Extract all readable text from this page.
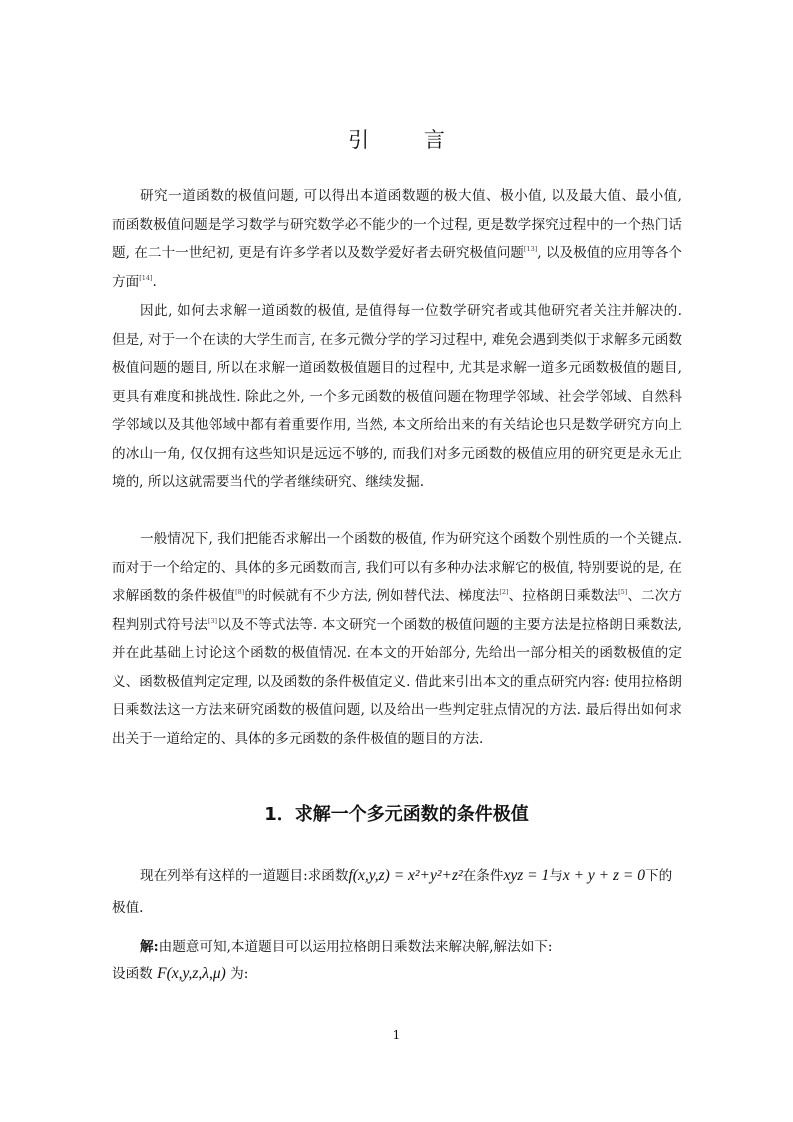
引 言

研究一道函数的极值问题, 可以得出本道函数题的极大值、极小值, 以及最大值、最小值, 而函数极值问题是学习数学与研究数学必不能少的一个过程, 更是数学探究过程中的一个热门话题, 在二十一世纪初, 更是有许多学者以及数学爱好者去研究极值问题[13], 以及极值的应用等各个方面[14].

因此, 如何去求解一道函数的极值, 是值得每一位数学研究者或其他研究者关注并解决的. 但是, 对于一个在读的大学生而言, 在多元微分学的学习过程中, 难免会遇到类似于求解多元函数极值问题的题目, 所以在求解一道函数极值题目的过程中, 尤其是求解一道多元函数极值的题目, 更具有难度和挑战性. 除此之外, 一个多元函数的极值问题在物理学邻域、社会学邻域、自然科学邻域以及其他邻域中都有着重要作用, 当然, 本文所给出来的有关结论也只是数学研究方向上的冰山一角, 仅仅拥有这些知识是远远不够的, 而我们对多元函数的极值应用的研究更是永无止境的, 所以这就需要当代的学者继续研究、继续发掘.

一般情况下, 我们把能否求解出一个函数的极值, 作为研究这个函数个别性质的一个关键点. 而对于一个给定的、具体的多元函数而言, 我们可以有多种办法求解它的极值, 特别要说的是, 在求解函数的条件极值[8]的时候就有不少方法, 例如替代法、梯度法[2]、拉格朗日乘数法[5]、二次方程判别式符号法[3]以及不等式法等. 本文研究一个函数的极值问题的主要方法是拉格朗日乘数法, 并在此基础上讨论这个函数的极值情况. 在本文的开始部分, 先给出一部分相关的函数极值的定义、函数极值判定定理, 以及函数的条件极值定义. 借此来引出本文的重点研究内容: 使用拉格朗日乘数法这一方法来研究函数的极值问题, 以及给出一些判定驻点情况的方法. 最后得出如何求出关于一道给定的、具体的多元函数的条件极值的题目的方法.

1．求解一个多元函数的条件极值

现在列举有这样的一道题目:求函数f(x,y,z) = x²+y²+z²在条件xyz = 1与x + y + z = 0下的极值.

解:由题意可知,本道题目可以运用拉格朗日乘数法来解决解,解法如下:

设函数 F(x,y,z,λ,μ) 为:

1
